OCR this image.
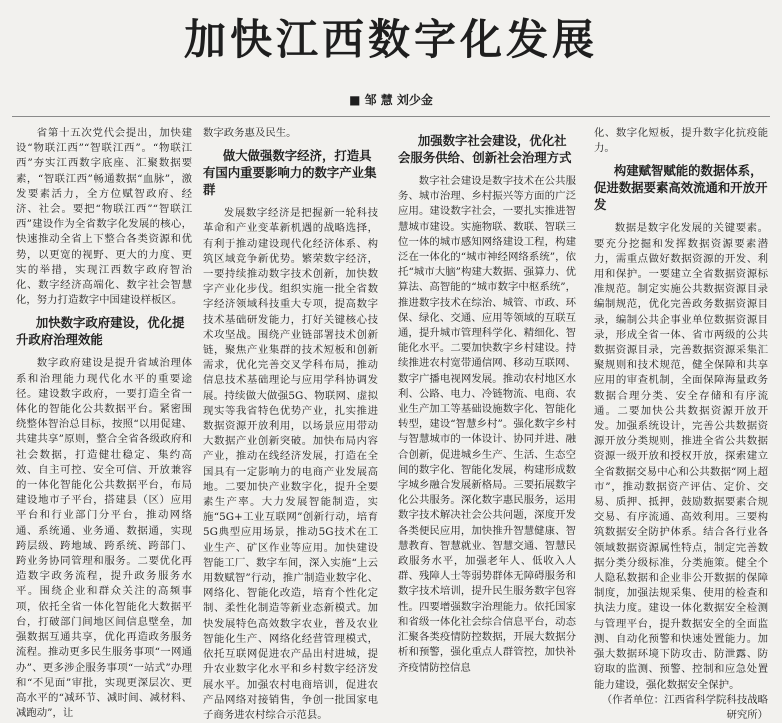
加快江西数字化发展
■ 邹 慧 刘少金

省第十五次党代会提出，加快建设“物联江西”“智联江西”。“物联江西”夯实江西数字底座、汇聚数据要素，“智联江西”畅通数据“血脉”，激发要素活力，全方位赋智政府、经济、社会。要把“物联江西”“智联江西”建设作为全省数字化发展的核心，快速推动全省上下整合各类资源和优势，以更宽的视野、更大的力度、更实的举措，实现江西数字政府智治化、数字经济高端化、数字社会智慧化，努力打造数字中国建设样板区。

加快数字政府建设，优化提升政府治理效能

数字政府建设是提升省域治理体系和治理能力现代化水平的重要途径。建设数字政府，一要打造全省一体化的智能化公共数据平台。紧密围绕整体智治总目标，按照“以用促建、共建共享”原则，整合全省各级政府和社会数据，打造健壮稳定、集约高效、自主可控、安全可信、开放兼容的一体化智能化公共数据平台，布局建设地市子平台，搭建县（区）应用平台和行业部门分平台，推动网络通、系统通、业务通、数据通，实现跨层级、跨地域、跨系统、跨部门、跨业务协同管理和服务。二要优化再造数字政务流程，提升政务服务水平。围绕企业和群众关注的高频事项，依托全省一体化智能化大数据平台，打破部门间地区间信息壁垒，加强数据互通共享，优化再造政务服务流程。推动更多民生服务事项“一网通办”、更多涉企服务事项“一站式”办理和“不见面”审批，实现更深层次、更高水平的“减环节、减时间、减材料、减跑动”，让

数字政务惠及民生。

做大做强数字经济，打造具有国内重要影响力的数字产业集群

发展数字经济是把握新一轮科技革命和产业变革新机遇的战略选择，有利于推动建设现代化经济体系、构筑区域竞争新优势。繁荣数字经济，一要持续推动数字技术创新，加快数字产业化步伐。组织实施一批全省数字经济领域科技重大专项，提高数字技术基础研发能力，打好关键核心技术攻坚战。围绕产业链部署技术创新链，聚焦产业集群的技术短板和创新需求，优化完善交叉学科布局，推动信息技术基础理论与应用学科协调发展。持续做大做强5G、物联网、虚拟现实等我省特色优势产业，扎实推进数据资源开放利用，以场景应用带动大数据产业创新突破。加快布局内容产业，推动在线经济发展，打造在全国具有一定影响力的电商产业发展高地。二要加快产业数字化，提升全要素生产率。大力发展智能制造，实施“5G+工业互联网”创新行动，培育5G典型应用场景，推动5G技术在工业生产、矿区作业等应用。加快建设智能工厂、数字车间，深入实施“上云用数赋智”行动，推广制造业数字化、网络化、智能化改造，培育个性化定制、柔性化制造等新业态新模式。加快发展特色高效数字农业，普及农业智能化生产、网络化经营管理模式，依托互联网促进农产品出村进城，提升农业数字化水平和乡村数字经济发展水平。加强农村电商培训，促进农产品网络对接销售，争创一批国家电子商务进农村综合示范县。

加强数字社会建设，优化社会服务供给、创新社会治理方式

数字社会建设是数字技术在公共服务、城市治理、乡村振兴等方面的广泛应用。建设数字社会，一要扎实推进智慧城市建设。实施物联、数联、智联三位一体的城市感知网络建设工程，构建泛在一体化的“城市神经网络系统”，依托“城市大脑”构建大数据、强算力、优算法、高智能的“城市数字中枢系统”，推进数字技术在综治、城管、市政、环保、绿化、交通、应用等领域的互联互通，提升城市管理科学化、精细化、智能化水平。二要加快数字乡村建设。持续推进农村宽带通信网、移动互联网、数字广播电视网发展。推动农村地区水利、公路、电力、冷链物流、电商、农业生产加工等基础设施数字化、智能化转型，建设“智慧乡村”。强化数字乡村与智慧城市的一体设计、协同并进、融合创新，促进城乡生产、生活、生态空间的数字化、智能化发展，构建形成数字城乡融合发展新格局。三要拓展数字化公共服务。深化数字惠民服务，运用数字技术解决社会公共问题，深度开发各类便民应用，加快推升智慧健康、智慧教育、智慧就业、智慧交通、智慧民政服务水平，加强老年人、低收入人群、残障人士等弱势群体无障碍服务和数字技术培训，提升民生服务数字包容性。四要增强数字治理能力。依托国家和省级一体化社会综合信息平台，动态汇聚各类疫情防控数据，开展大数据分析和预警，强化重点人群管控，加快补齐疫情防控信息

化、数字化短板，提升数字化抗疫能力。

构建赋智赋能的数据体系，促进数据要素高效流通和开放开发

数据是数字化发展的关键要素。要充分挖掘和发挥数据资源要素潜力，需重点做好数据资源的开发、利用和保护。一要建立全省数据资源标准规范。制定实施公共数据资源目录编制规范，优化完善政务数据资源目录，编制公共企事业单位数据资源目录，形成全省一体、省市两级的公共数据资源目录，完善数据资源采集汇聚规则和技术规范，健全保障和共享应用的审查机制，全面保障海量政务数据合理分类、安全存储和有序流通。二要加快公共数据资源开放开发。加强系统设计，完善公共数据资源开放分类规则，推进全省公共数据资源一级开放和授权开放，探索建立全省数据交易中心和公共数据“网上超市”，推动数据资产评估、定价、交易、质押、抵押，鼓励数据要素合规交易、有序流通、高效利用。三要构筑数据安全防护体系。结合各行业各领域数据资源属性特点，制定完善数据分类分级标准，分类施策。健全个人隐私数据和企业非公开数据的保障制度，加强法规采集、使用的检查和执法力度。建设一体化数据安全检测与管理平台，提升数据安全的全面监测、自动化预警和快速处置能力。加强大数据环境下防攻击、防泄露、防窃取的监测、预警、控制和应急处置能力建设，强化数据安全保护。

（作者单位：江西省科学院科技战略研究所）
